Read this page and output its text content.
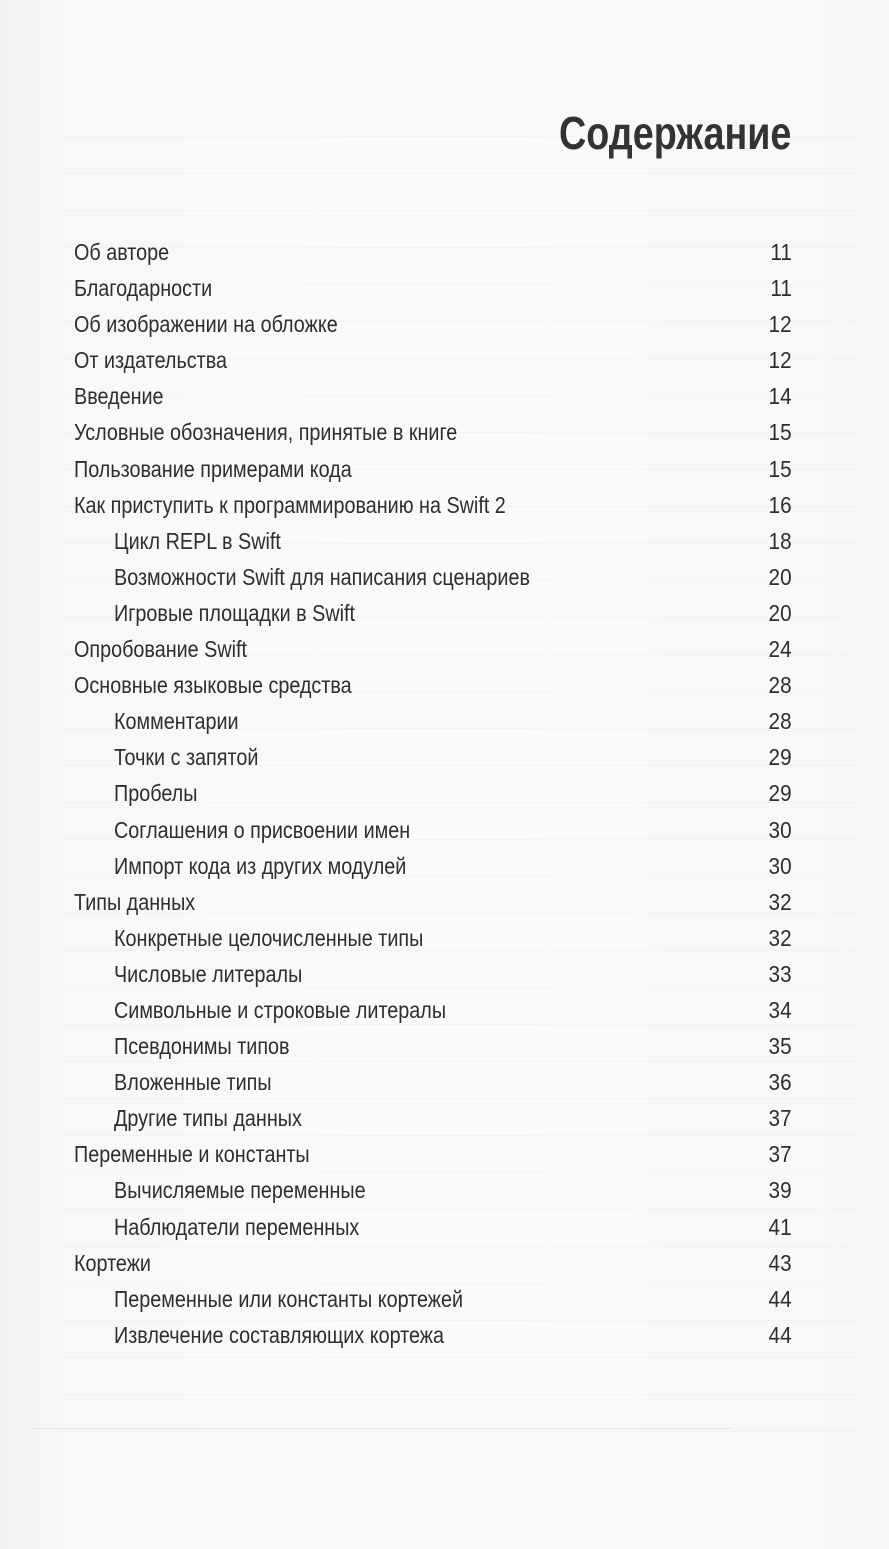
Содержание
Об авторе	11
Благодарности	11
Об изображении на обложке	12
От издательства	12
Введение	14
Условные обозначения, принятые в книге	15
Пользование примерами кода	15
Как приступить к программированию на Swift 2	16
Цикл REPL в Swift	18
Возможности Swift для написания сценариев	20
Игровые площадки в Swift	20
Опробование Swift	24
Основные языковые средства	28
Комментарии	28
Точки с запятой	29
Пробелы	29
Соглашения о присвоении имен	30
Импорт кода из других модулей	30
Типы данных	32
Конкретные целочисленные типы	32
Числовые литералы	33
Символьные и строковые литералы	34
Псевдонимы типов	35
Вложенные типы	36
Другие типы данных	37
Переменные и константы	37
Вычисляемые переменные	39
Наблюдатели переменных	41
Кортежи	43
Переменные или константы кортежей	44
Извлечение составляющих кортежа	44
